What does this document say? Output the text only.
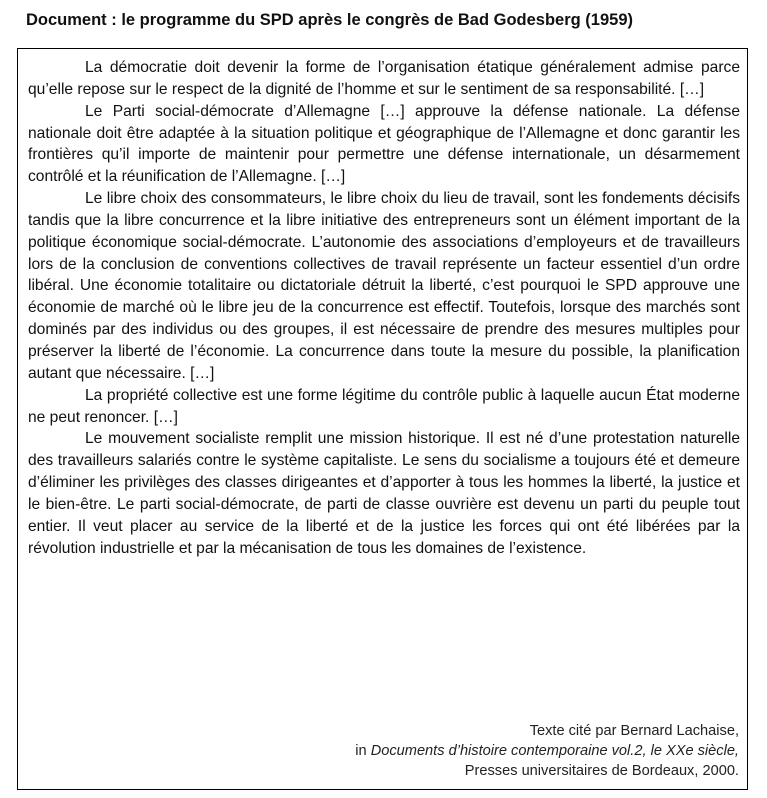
Document : le programme du SPD après le congrès de Bad Godesberg (1959)

La démocratie doit devenir la forme de l’organisation étatique généralement admise parce qu’elle repose sur le respect de la dignité de l’homme et sur le sentiment de sa responsabilité. […]

Le Parti social-démocrate d’Allemagne […] approuve la défense nationale. La défense nationale doit être adaptée à la situation politique et géographique de l’Allemagne et donc garantir les frontières qu’il importe de maintenir pour permettre une défense internationale, un désarmement contrôlé et la réunification de l’Allemagne. […]

Le libre choix des consommateurs, le libre choix du lieu de travail, sont les fondements décisifs tandis que la libre concurrence et la libre initiative des entrepreneurs sont un élément important de la politique économique social-démocrate. L’autonomie des associations d’employeurs et de travailleurs lors de la conclusion de conventions collectives de travail représente un facteur essentiel d’un ordre libéral. Une économie totalitaire ou dictatoriale détruit la liberté, c’est pourquoi le SPD approuve une économie de marché où le libre jeu de la concurrence est effectif. Toutefois, lorsque des marchés sont dominés par des individus ou des groupes, il est nécessaire de prendre des mesures multiples pour préserver la liberté de l’économie. La concurrence dans toute la mesure du possible, la planification autant que nécessaire. […]

La propriété collective est une forme légitime du contrôle public à laquelle aucun État moderne ne peut renoncer. […]

Le mouvement socialiste remplit une mission historique. Il est né d’une protestation naturelle des travailleurs salariés contre le système capitaliste. Le sens du socialisme a toujours été et demeure d’éliminer les privilèges des classes dirigeantes et d’apporter à tous les hommes la liberté, la justice et le bien-être. Le parti social-démocrate, de parti de classe ouvrière est devenu un parti du peuple tout entier. Il veut placer au service de la liberté et de la justice les forces qui ont été libérées par la révolution industrielle et par la mécanisation de tous les domaines de l’existence.

Texte cité par Bernard Lachaise,
in Documents d’histoire contemporaine vol.2, le XXe siècle,
Presses universitaires de Bordeaux, 2000.
